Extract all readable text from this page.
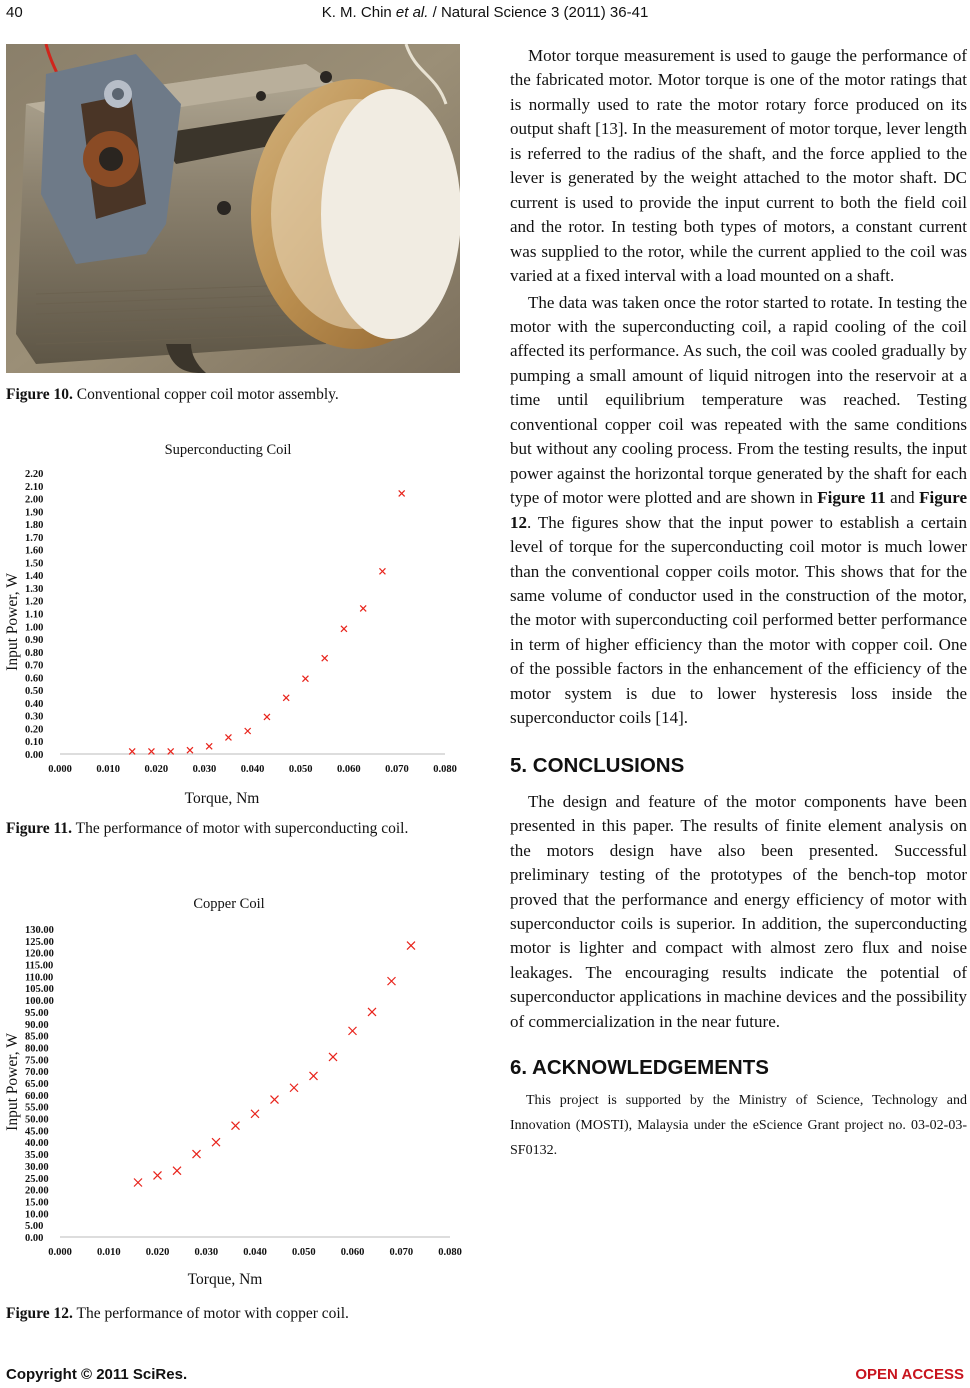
40	K. M. Chin et al. / Natural Science 3 (2011) 36-41
Figure 10. Conventional copper coil motor assembly.
Superconducting Coil
Input Power, W
Torque, Nm
0.00
0.10
0.20
0.30
0.40
0.50
0.60
0.70
0.80
0.90
1.00
1.10
1.20
1.30
1.40
1.50
1.60
1.70
1.80
1.90
2.00
2.10
2.20
0.000 0.010 0.020 0.030 0.040 0.050 0.060 0.070 0.080
Figure 11. The performance of motor with superconducting coil.
Copper Coil
Input Power, W
Torque, Nm
0.00
5.00
10.00
15.00
20.00
25.00
30.00
35.00
40.00
45.00
50.00
55.00
60.00
65.00
70.00
75.00
80.00
85.00
90.00
95.00
100.00
105.00
110.00
115.00
120.00
125.00
130.00
0.000 0.010 0.020 0.030 0.040 0.050 0.060 0.070 0.080
Figure 12. The performance of motor with copper coil.

Motor torque measurement is used to gauge the performance of the fabricated motor. Motor torque is one of the motor ratings that is normally used to rate the motor rotary force produced on its output shaft [13]. In the measurement of motor torque, lever length is referred to the radius of the shaft, and the force applied to the lever is generated by the weight attached to the motor shaft. DC current is used to provide the input current to both the field coil and the rotor. In testing both types of motors, a constant current was supplied to the rotor, while the current applied to the coil was varied at a fixed interval with a load mounted on a shaft.

The data was taken once the rotor started to rotate. In testing the motor with the superconducting coil, a rapid cooling of the coil affected its performance. As such, the coil was cooled gradually by pumping a small amount of liquid nitrogen into the reservoir at a time until equilibrium temperature was reached. Testing conventional copper coil was repeated with the same conditions but without any cooling process. From the testing results, the input power against the horizontal torque generated by the shaft for each type of motor were plotted and are shown in Figure 11 and Figure 12. The figures show that the input power to establish a certain level of torque for the superconducting coil motor is much lower than the conventional copper coils motor. This shows that for the same volume of conductor used in the construction of the motor, the motor with superconducting coil performed better performance in term of higher efficiency than the motor with copper coil. One of the possible factors in the enhancement of the efficiency of the motor system is due to lower hysteresis loss inside the superconductor coils [14].

5. CONCLUSIONS

The design and feature of the motor components have been presented in this paper. The results of finite element analysis on the motors design have also been presented. Successful preliminary testing of the prototypes of the bench-top motor proved that the performance and energy efficiency of motor with superconductor coils is superior. In addition, the superconducting motor is lighter and compact with almost zero flux and noise leakages. The encouraging results indicate the potential of superconductor applications in machine devices and the possibility of commercialization in the near future.

6. ACKNOWLEDGEMENTS

This project is supported by the Ministry of Science, Technology and Innovation (MOSTI), Malaysia under the eScience Grant project no. 03-02-03-SF0132.

Copyright © 2011 SciRes.	OPEN ACCESS
